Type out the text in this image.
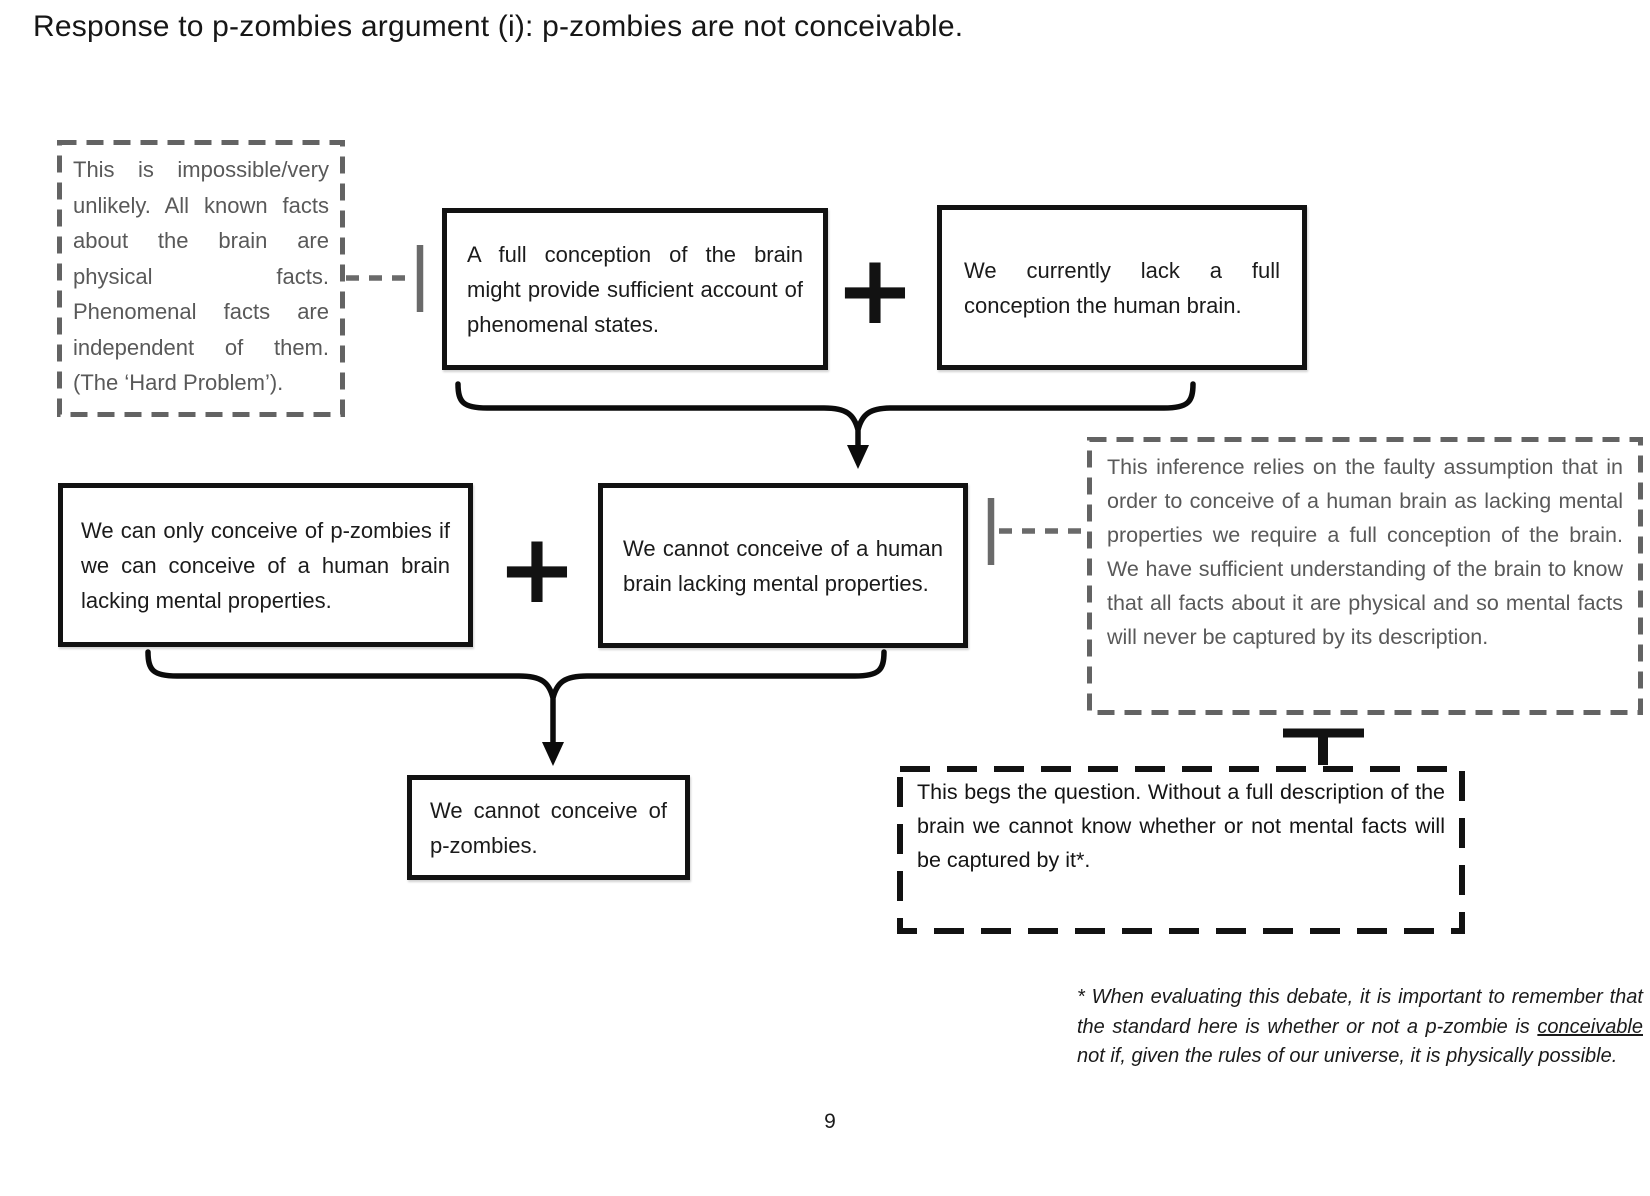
Response to p-zombies argument (i): p-zombies are not conceivable.

This is impossible/very unlikely. All known facts about the brain are physical facts. Phenomenal facts are independent of them. (The ‘Hard Problem’).

A full conception of the brain might provide sufficient account of phenomenal states.	+	We currently lack a full conception the human brain.

We can only conceive of p-zombies if we can conceive of a human brain lacking mental properties.	+	We cannot conceive of a human brain lacking mental properties.

This inference relies on the faulty assumption that in order to conceive of a human brain as lacking mental properties we require a full conception of the brain. We have sufficient understanding of the brain to know that all facts about it are physical and so mental facts will never be captured by its description.

We cannot conceive of p-zombies.

This begs the question. Without a full description of the brain we cannot know whether or not mental facts will be captured by it*.

* When evaluating this debate, it is important to remember that the standard here is whether or not a p-zombie is conceivable not if, given the rules of our universe, it is physically possible.

9
